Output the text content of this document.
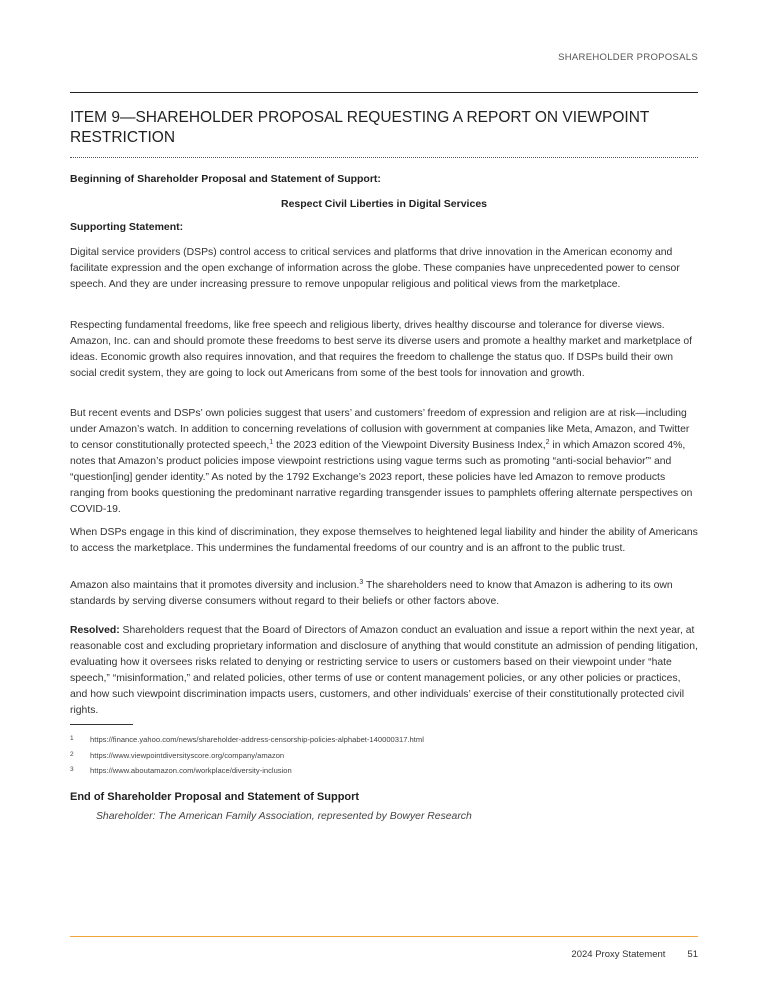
SHAREHOLDER PROPOSALS
ITEM 9—SHAREHOLDER PROPOSAL REQUESTING A REPORT ON VIEWPOINT RESTRICTION
Beginning of Shareholder Proposal and Statement of Support:
Respect Civil Liberties in Digital Services
Supporting Statement:

Digital service providers (DSPs) control access to critical services and platforms that drive innovation in the American economy and facilitate expression and the open exchange of information across the globe. These companies have unprecedented power to censor speech. And they are under increasing pressure to remove unpopular religious and political views from the marketplace.

Respecting fundamental freedoms, like free speech and religious liberty, drives healthy discourse and tolerance for diverse views. Amazon, Inc. can and should promote these freedoms to best serve its diverse users and promote a healthy market and marketplace of ideas. Economic growth also requires innovation, and that requires the freedom to challenge the status quo. If DSPs build their own social credit system, they are going to lock out Americans from some of the best tools for innovation and growth.

But recent events and DSPs’ own policies suggest that users’ and customers’ freedom of expression and religion are at risk—including under Amazon’s watch. In addition to concerning revelations of collusion with government at companies like Meta, Amazon, and Twitter to censor constitutionally protected speech,$^1$ the 2023 edition of the Viewpoint Diversity Business Index,$^2$ in which Amazon scored 4%, notes that Amazon’s product policies impose viewpoint restrictions using vague terms such as promoting “anti-social behavior”' and “question[ing] gender identity.” As noted by the 1792 Exchange’s 2023 report, these policies have led Amazon to remove products ranging from books questioning the predominant narrative regarding transgender issues to pamphlets offering alternate perspectives on COVID-19.

When DSPs engage in this kind of discrimination, they expose themselves to heightened legal liability and hinder the ability of Americans to access the marketplace. This undermines the fundamental freedoms of our country and is an affront to the public trust.

Amazon also maintains that it promotes diversity and inclusion.$^3$ The shareholders need to know that Amazon is adhering to its own standards by serving diverse consumers without regard to their beliefs or other factors above.

Resolved: Shareholders request that the Board of Directors of Amazon conduct an evaluation and issue a report within the next year, at reasonable cost and excluding proprietary information and disclosure of anything that would constitute an admission of pending litigation, evaluating how it oversees risks related to denying or restricting service to users or customers based on their viewpoint under “hate speech,” “misinformation,” and related policies, other terms of use or content management policies, or any other policies or practices, and how such viewpoint discrimination impacts users, customers, and other individuals’ exercise of their constitutionally protected civil rights.

1 https://finance.yahoo.com/news/shareholder-address-censorship-policies-alphabet-140000317.html
2 https://www.viewpointdiversityscore.org/company/amazon
3 https://www.aboutamazon.com/workplace/diversity-inclusion
End of Shareholder Proposal and Statement of Support
Shareholder: The American Family Association, represented by Bowyer Research
2024 Proxy Statement 51
